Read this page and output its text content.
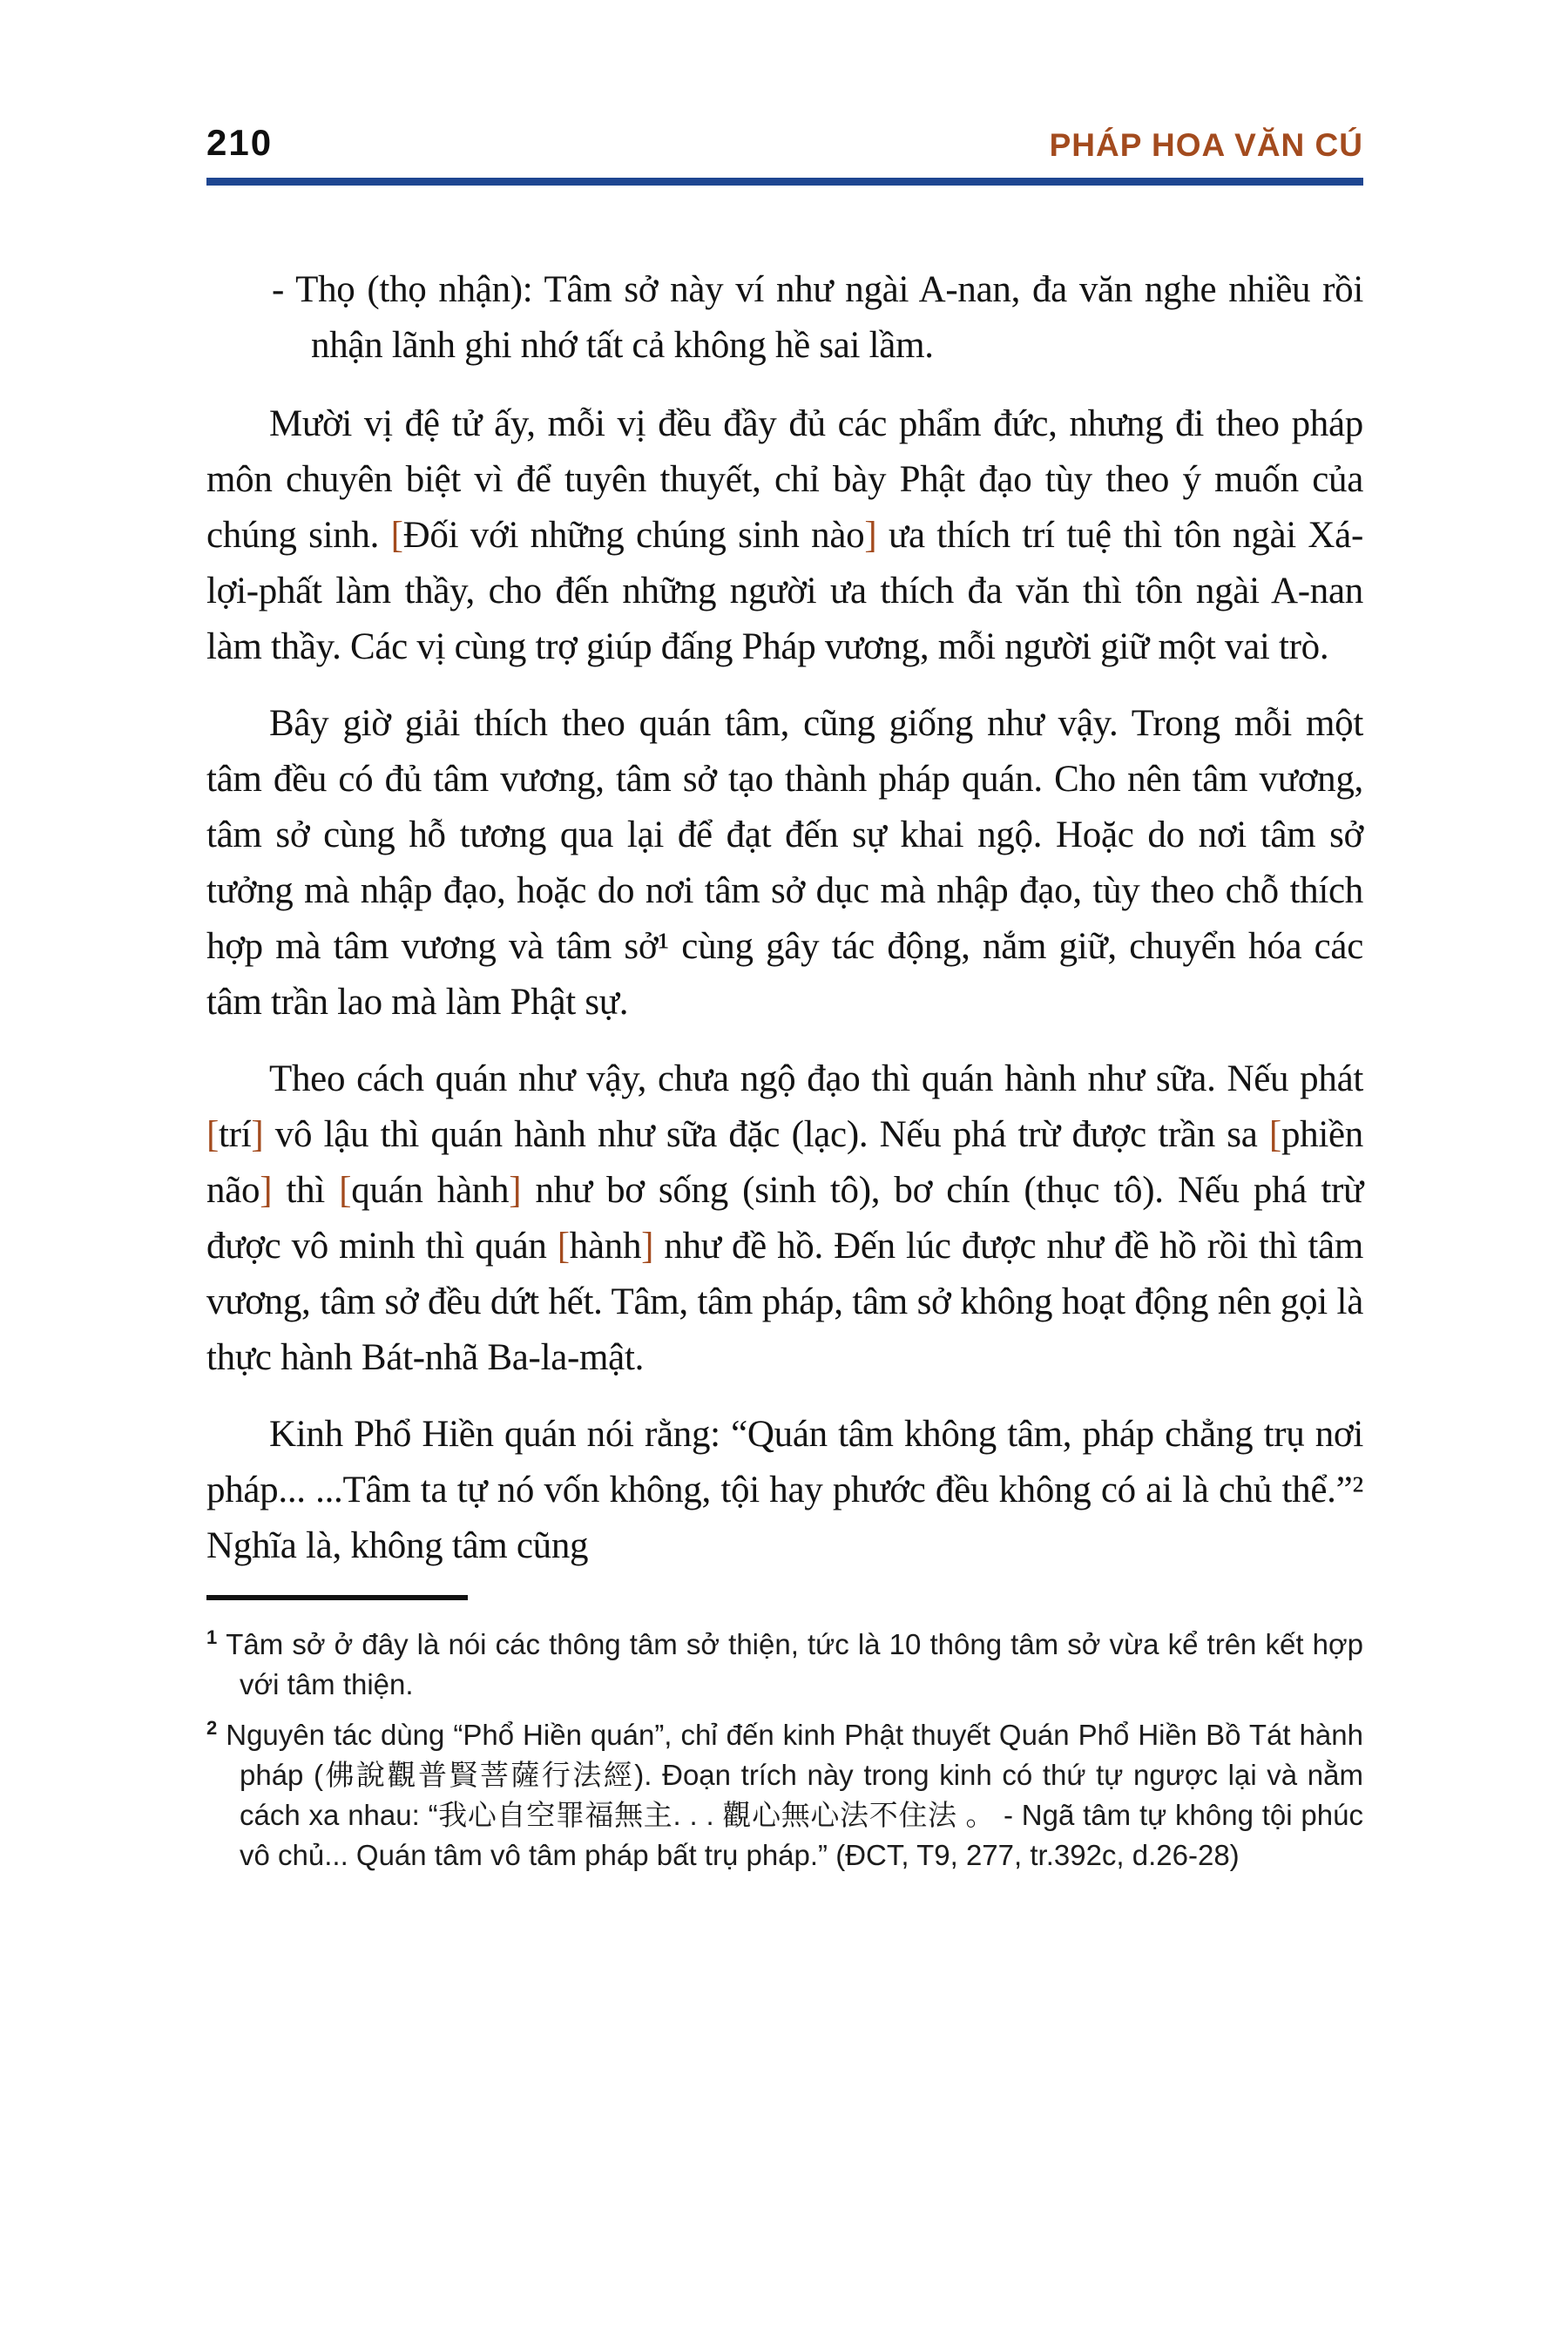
210	PHÁP HOA VĂN CÚ

- Thọ (thọ nhận): Tâm sở này ví như ngài A-nan, đa văn nghe nhiều rồi nhận lãnh ghi nhớ tất cả không hề sai lầm.

Mười vị đệ tử ấy, mỗi vị đều đầy đủ các phẩm đức, nhưng đi theo pháp môn chuyên biệt vì để tuyên thuyết, chỉ bày Phật đạo tùy theo ý muốn của chúng sinh. [Đối với những chúng sinh nào] ưa thích trí tuệ thì tôn ngài Xá-lợi-phất làm thầy, cho đến những người ưa thích đa văn thì tôn ngài A-nan làm thầy. Các vị cùng trợ giúp đấng Pháp vương, mỗi người giữ một vai trò.

Bây giờ giải thích theo quán tâm, cũng giống như vậy. Trong mỗi một tâm đều có đủ tâm vương, tâm sở tạo thành pháp quán. Cho nên tâm vương, tâm sở cùng hỗ tương qua lại để đạt đến sự khai ngộ. Hoặc do nơi tâm sở tưởng mà nhập đạo, hoặc do nơi tâm sở dục mà nhập đạo, tùy theo chỗ thích hợp mà tâm vương và tâm sở¹ cùng gây tác động, nắm giữ, chuyển hóa các tâm trần lao mà làm Phật sự.

Theo cách quán như vậy, chưa ngộ đạo thì quán hành như sữa. Nếu phát [trí] vô lậu thì quán hành như sữa đặc (lạc). Nếu phá trừ được trần sa [phiền não] thì [quán hành] như bơ sống (sinh tô), bơ chín (thục tô). Nếu phá trừ được vô minh thì quán [hành] như đề hồ. Đến lúc được như đề hồ rồi thì tâm vương, tâm sở đều dứt hết. Tâm, tâm pháp, tâm sở không hoạt động nên gọi là thực hành Bát-nhã Ba-la-mật.

Kinh Phổ Hiền quán nói rằng: “Quán tâm không tâm, pháp chẳng trụ nơi pháp... ...Tâm ta tự nó vốn không, tội hay phước đều không có ai là chủ thể.”² Nghĩa là, không tâm cũng

$^1$ Tâm sở ở đây là nói các thông tâm sở thiện, tức là 10 thông tâm sở vừa kể trên kết hợp với tâm thiện.

$^2$ Nguyên tác dùng “Phổ Hiền quán”, chỉ đến kinh Phật thuyết Quán Phổ Hiền Bồ Tát hành pháp (佛說觀普賢菩薩行法經). Đoạn trích này trong kinh có thứ tự ngược lại và nằm cách xa nhau: “我心自空罪福無主. . . 觀心無心法不住法 。 - Ngã tâm tự không tội phúc vô chủ... Quán tâm vô tâm pháp bất trụ pháp.” (ĐCT, T9, 277, tr.392c, d.26-28)
